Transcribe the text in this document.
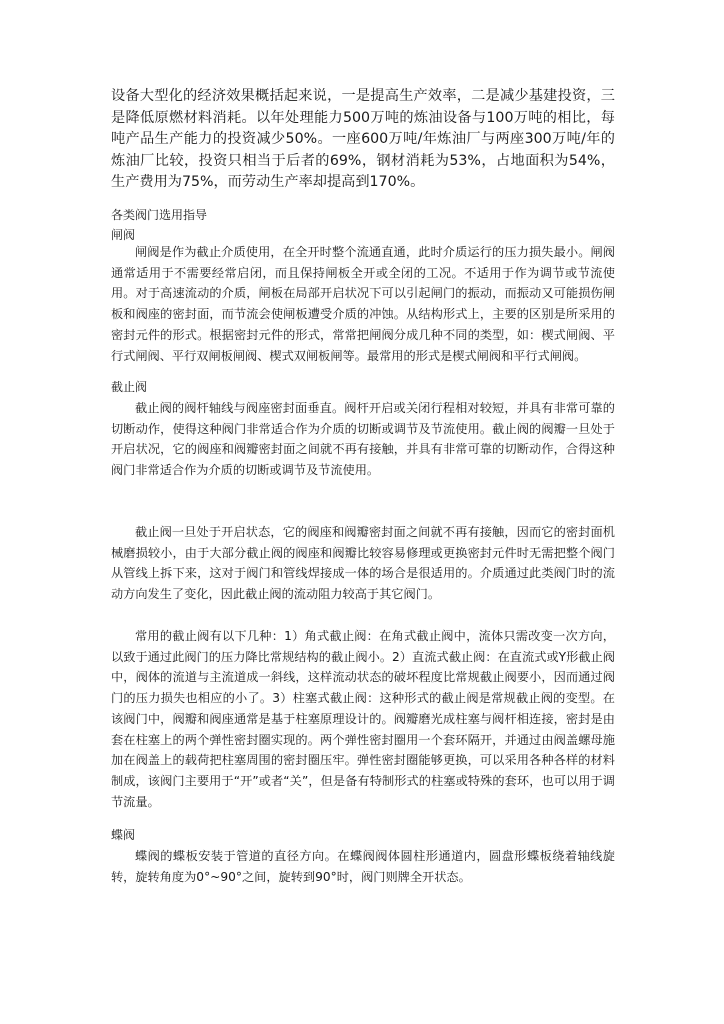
设备大型化的经济效果概括起来说，一是提高生产效率，二是减少基建投资，三是降低原燃材料消耗。以年处理能力500万吨的炼油设备与100万吨的相比，每吨产品生产能力的投资减少50%。一座600万吨/年炼油厂与两座300万吨/年的炼油厂比较，投资只相当于后者的69%，钢材消耗为53%，占地面积为54%，生产费用为75%，而劳动生产率却提高到170%。

各类阀门选用指导
闸阀

闸阀是作为截止介质使用，在全开时整个流通直通，此时介质运行的压力损失最小。闸阀通常适用于不需要经常启闭，而且保持闸板全开或全闭的工况。不适用于作为调节或节流使用。对于高速流动的介质，闸板在局部开启状况下可以引起闸门的振动，而振动又可能损伤闸板和阀座的密封面，而节流会使闸板遭受介质的冲蚀。从结构形式上，主要的区别是所采用的密封元件的形式。根据密封元件的形式，常常把闸阀分成几种不同的类型，如：楔式闸阀、平行式闸阀、平行双闸板闸阀、楔式双闸板闸等。最常用的形式是楔式闸阀和平行式闸阀。

截止阀

截止阀的阀杆轴线与阀座密封面垂直。阀杆开启或关闭行程相对较短，并具有非常可靠的切断动作，使得这种阀门非常适合作为介质的切断或调节及节流使用。截止阀的阀瓣一旦处于开启状况，它的阀座和阀瓣密封面之间就不再有接触，并具有非常可靠的切断动作，合得这种阀门非常适合作为介质的切断或调节及节流使用。

截止阀一旦处于开启状态，它的阀座和阀瓣密封面之间就不再有接触，因而它的密封面机械磨损较小，由于大部分截止阀的阀座和阀瓣比较容易修理或更换密封元件时无需把整个阀门从管线上拆下来，这对于阀门和管线焊接成一体的场合是很适用的。介质通过此类阀门时的流动方向发生了变化，因此截止阀的流动阻力较高于其它阀门。

常用的截止阀有以下几种：1）角式截止阀：在角式截止阀中，流体只需改变一次方向，以致于通过此阀门的压力降比常规结构的截止阀小。2）直流式截止阀：在直流式或Y形截止阀中，阀体的流道与主流道成一斜线，这样流动状态的破坏程度比常规截止阀要小，因而通过阀门的压力损失也相应的小了。3）柱塞式截止阀：这种形式的截止阀是常规截止阀的变型。在该阀门中，阀瓣和阀座通常是基于柱塞原理设计的。阀瓣磨光成柱塞与阀杆相连接，密封是由套在柱塞上的两个弹性密封圈实现的。两个弹性密封圈用一个套环隔开，并通过由阀盖螺母施加在阀盖上的载荷把柱塞周围的密封圈压牢。弹性密封圈能够更换，可以采用各种各样的材料制成，该阀门主要用于“开”或者“关”，但是备有特制形式的柱塞或特殊的套环，也可以用于调节流量。

蝶阀

蝶阀的蝶板安装于管道的直径方向。在蝶阀阀体圆柱形通道内，圆盘形蝶板绕着轴线旋转，旋转角度为0°~90°之间，旋转到90°时，阀门则牌全开状态。
